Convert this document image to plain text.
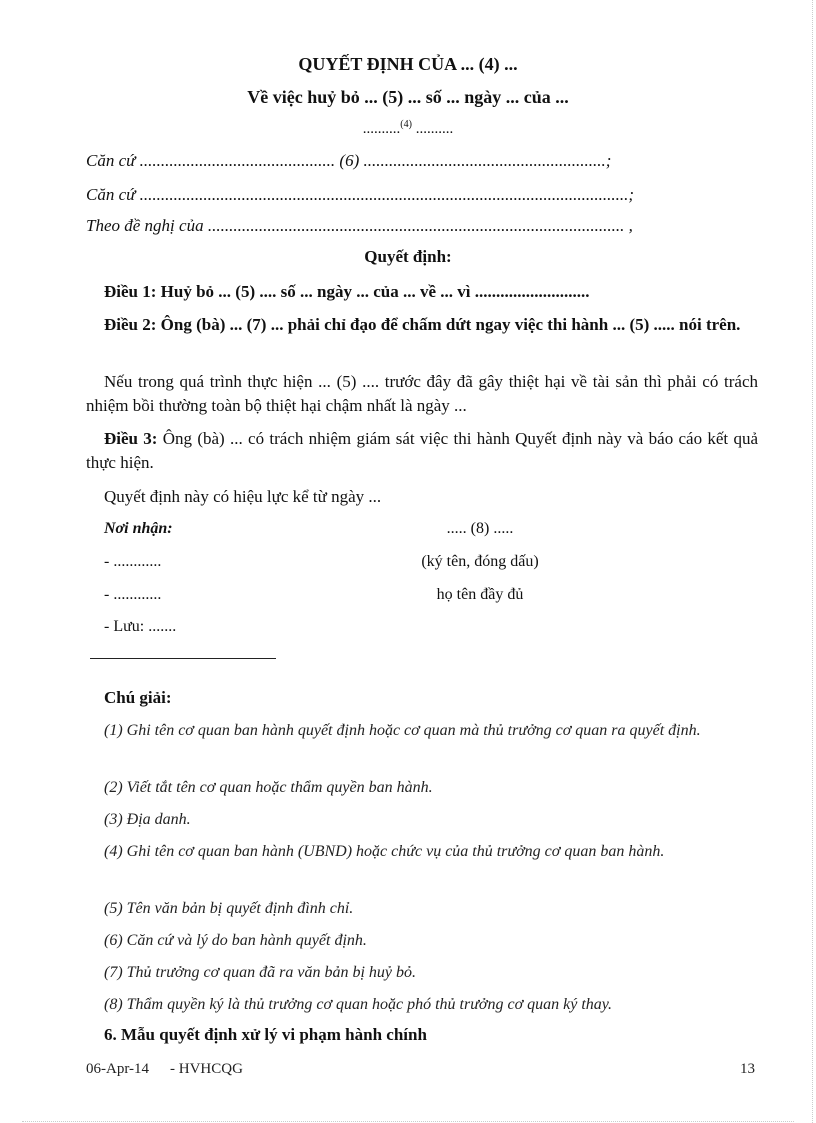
QUYẾT ĐỊNH CỦA ... (4) ...
Về việc huỷ bỏ ... (5) ... số ... ngày ... của ...
..........$^{(4)}$ ..........
Căn cứ .............................................. (6) .........................................................;
Căn cứ ...................................................................................................................;
Theo đề nghị của .................................................................................................. ,
Quyết định:
Điều 1: Huỷ bỏ ... (5) .... số ... ngày ... của ... về ... vì ...........................
Điều 2: Ông (bà) ... (7) ... phải chỉ đạo để chấm dứt ngay việc thi hành ... (5) ..... nói trên.
Nếu trong quá trình thực hiện ... (5) .... trước đây đã gây thiệt hại về tài sản thì phải có trách nhiệm bồi thường toàn bộ thiệt hại chậm nhất là ngày ...
Điều 3: Ông (bà) ... có trách nhiệm giám sát việc thi hành Quyết định này và báo cáo kết quả thực hiện.
Quyết định này có hiệu lực kể từ ngày ...
Nơi nhận:
- ............
- ............
- Lưu: .......
..... (8) .....
(ký tên, đóng dấu)
họ tên đầy đủ
Chú giải:
(1) Ghi tên cơ quan ban hành quyết định hoặc cơ quan mà thủ trưởng cơ quan ra quyết định.
(2) Viết tắt tên cơ quan hoặc thẩm quyền ban hành.
(3) Địa danh.
(4) Ghi tên cơ quan ban hành (UBND) hoặc chức vụ của thủ trưởng cơ quan ban hành.
(5) Tên văn bản bị quyết định đình chỉ.
(6) Căn cứ và lý do ban hành quyết định.
(7) Thủ trưởng cơ quan đã ra văn bản bị huỷ bỏ.
(8) Thẩm quyền ký là thủ trưởng cơ quan hoặc phó thủ trưởng cơ quan ký thay.
6. Mẫu quyết định xử lý vi phạm hành chính
06-Apr-14 - HVHCQG	13
